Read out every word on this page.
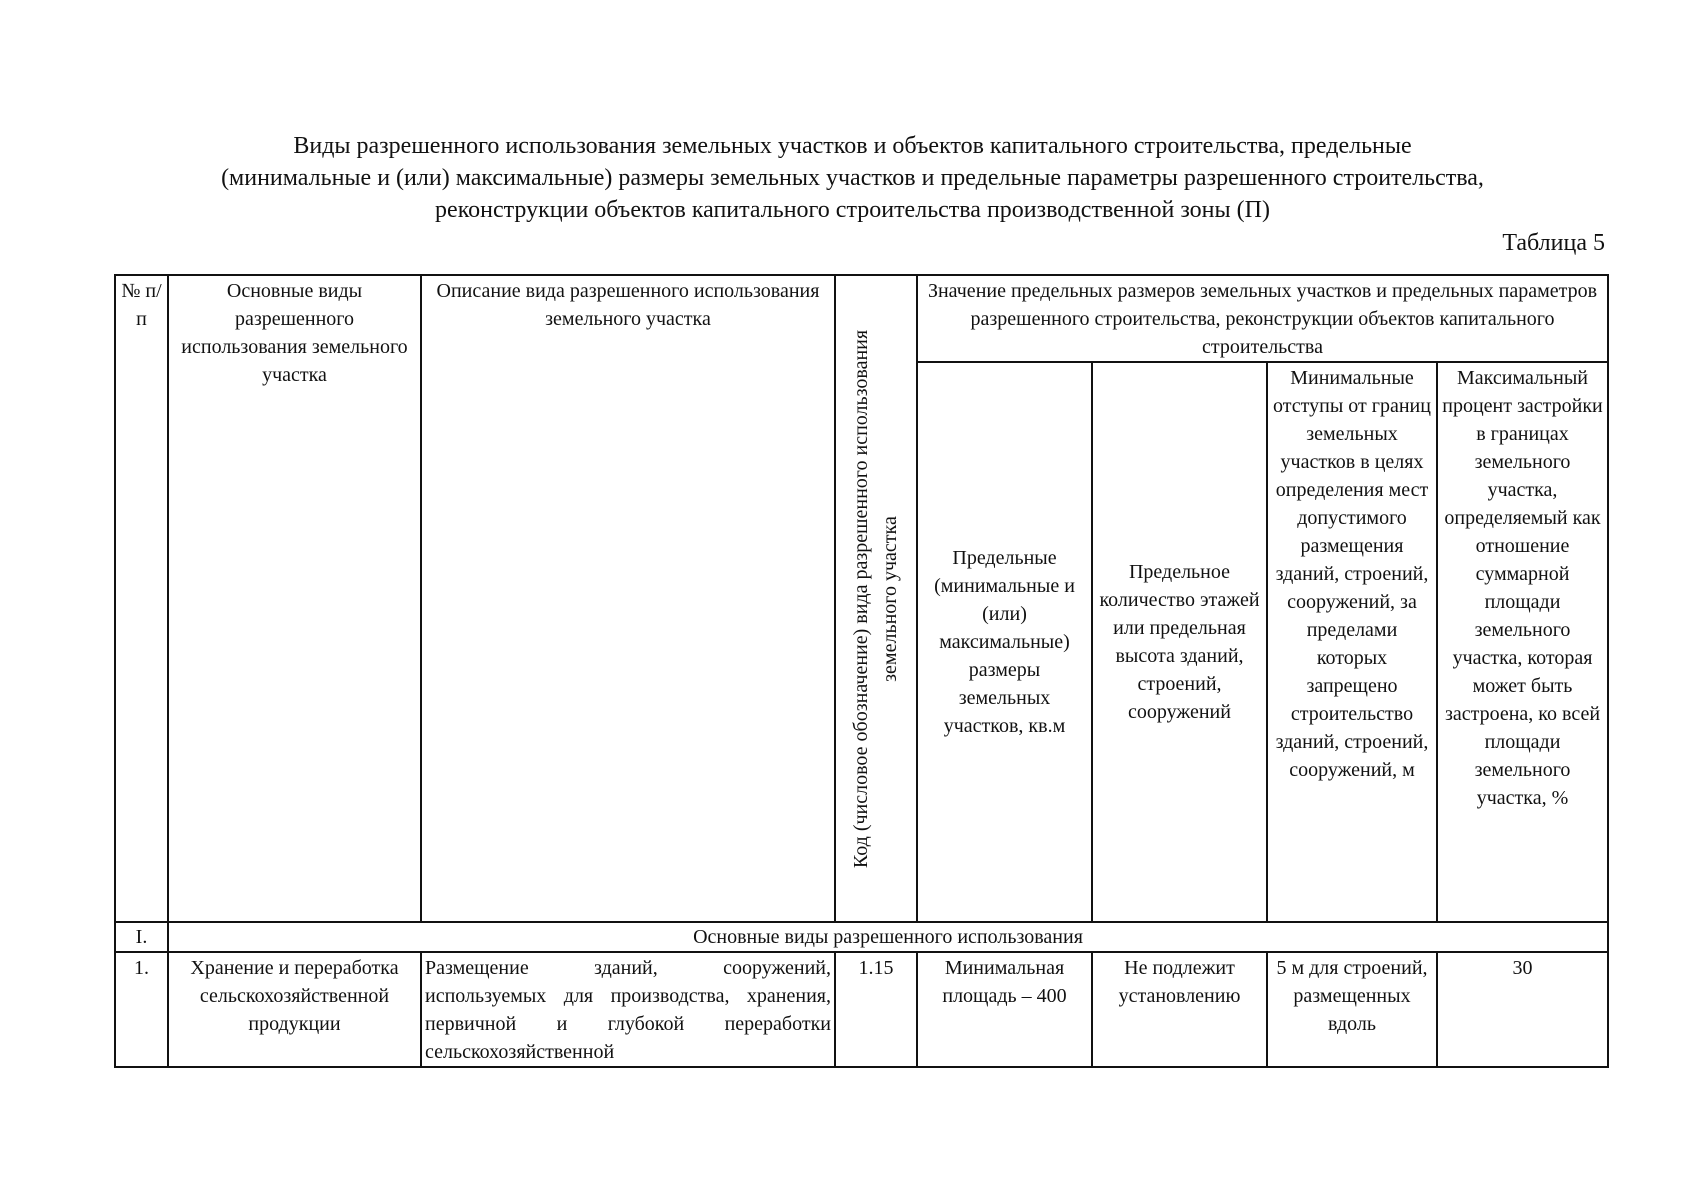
Виды разрешенного использования земельных участков и объектов капитального строительства, предельные
(минимальные и (или) максимальные) размеры земельных участков и предельные параметры разрешенного строительства,
реконструкции объектов капитального строительства производственной зоны (П)
Таблица 5
№ п/п	Основные виды разрешенного использования земельного участка	Описание вида разрешенного использования земельного участка	Код (числовое обозначение) вида разрешенного использования земельного участка	Значение предельных размеров земельных участков и предельных параметров разрешенного строительства, реконструкции объектов капитального строительства			
				Предельные (минимальные и (или) максимальные) размеры земельных участков, кв.м	Предельное количество этажей или предельная высота зданий, строений, сооружений	Минимальные отступы от границ земельных участков в целях определения мест допустимого размещения зданий, строений, сооружений, за пределами которых запрещено строительство зданий, строений, сооружений, м	Максимальный процент застройки в границах земельного участка, определяемый как отношение суммарной площади земельного участка, которая может быть застроена, ко всей площади земельного участка, %
I.	Основные виды разрешенного использования						
1.	Хранение и переработка сельскохозяйственной продукции	Размещение зданий, сооружений, используемых для производства, хранения, первичной и глубокой переработки сельскохозяйственной	1.15	Минимальная площадь – 400	Не подлежит установлению	5 м для строений, размещенных вдоль	30
